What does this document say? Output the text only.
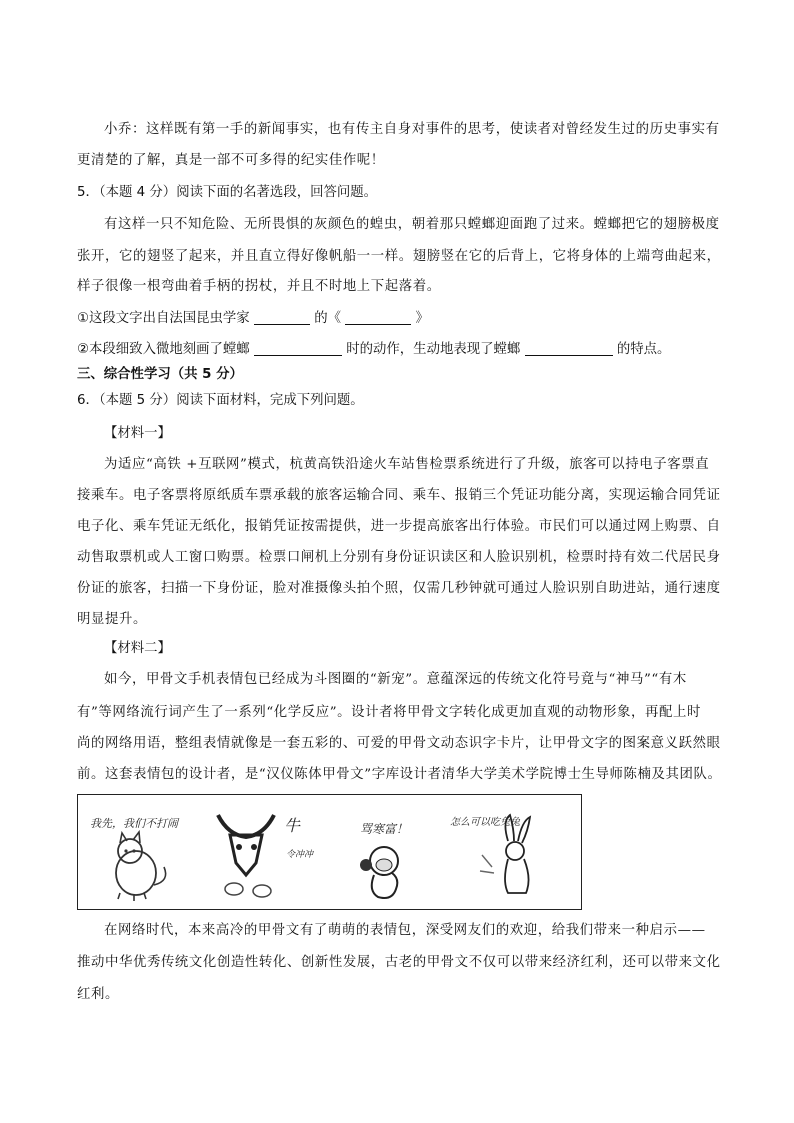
小乔：这样既有第一手的新闻事实，也有传主自身对事件的思考，使读者对曾经发生过的历史事实有
更清楚的了解，真是一部不可多得的纪实佳作呢！
5．（本题 4 分）阅读下面的名著选段，回答问题。
有这样一只不知危险、无所畏惧的灰颜色的蝗虫，朝着那只螳螂迎面跑了过来。螳螂把它的翅膀极度
张开，它的翅竖了起来，并且直立得好像帆船一一样。翅膀竖在它的后背上，它将身体的上端弯曲起来，
样子很像一根弯曲着手柄的拐杖，并且不时地上下起落着。
①这段文字出自法国昆虫学家	的《	》
②本段细致入微地刻画了螳螂	时的动作，生动地表现了螳螂	的特点。
三、综合性学习（共 5 分）
6．（本题 5 分）阅读下面材料，完成下列问题。
【材料一】
为适应“高铁 +互联网”模式，杭黄高铁沿途火车站售检票系统进行了升级，旅客可以持电子客票直
接乘车。电子客票将原纸质车票承载的旅客运输合同、乘车、报销三个凭证功能分离，实现运输合同凭证
电子化、乘车凭证无纸化，报销凭证按需提供，进一步提高旅客出行体验。市民们可以通过网上购票、自
动售取票机或人工窗口购票。检票口闸机上分别有身份证识读区和人脸识别机，检票时持有效二代居民身
份证的旅客，扫描一下身份证，脸对准摄像头拍个照，仅需几秒钟就可通过人脸识别自助进站，通行速度
明显提升。
【材料二】
如今，甲骨文手机表情包已经成为斗图圈的“新宠”。意蕴深远的传统文化符号竟与“神马”“有木
有”等网络流行词产生了一系列“化学反应”。设计者将甲骨文字转化成更加直观的动物形象，再配上时
尚的网络用语，整组表情就像是一套五彩的、可爱的甲骨文动态识字卡片，让甲骨文字的图案意义跃然眼
前。这套表情包的设计者，是“汉仪陈体甲骨文”字库设计者清华大学美术学院博士生导师陈楠及其团队。
我先，我们不打闹	牛
令冲冲
骂寒富！	怎么可以吃兔兔
在网络时代，本来高冷的甲骨文有了萌萌的表情包，深受网友们的欢迎，给我们带来一种启示——
推动中华优秀传统文化创造性转化、创新性发展，古老的甲骨文不仅可以带来经济红利，还可以带来文化
红利。
